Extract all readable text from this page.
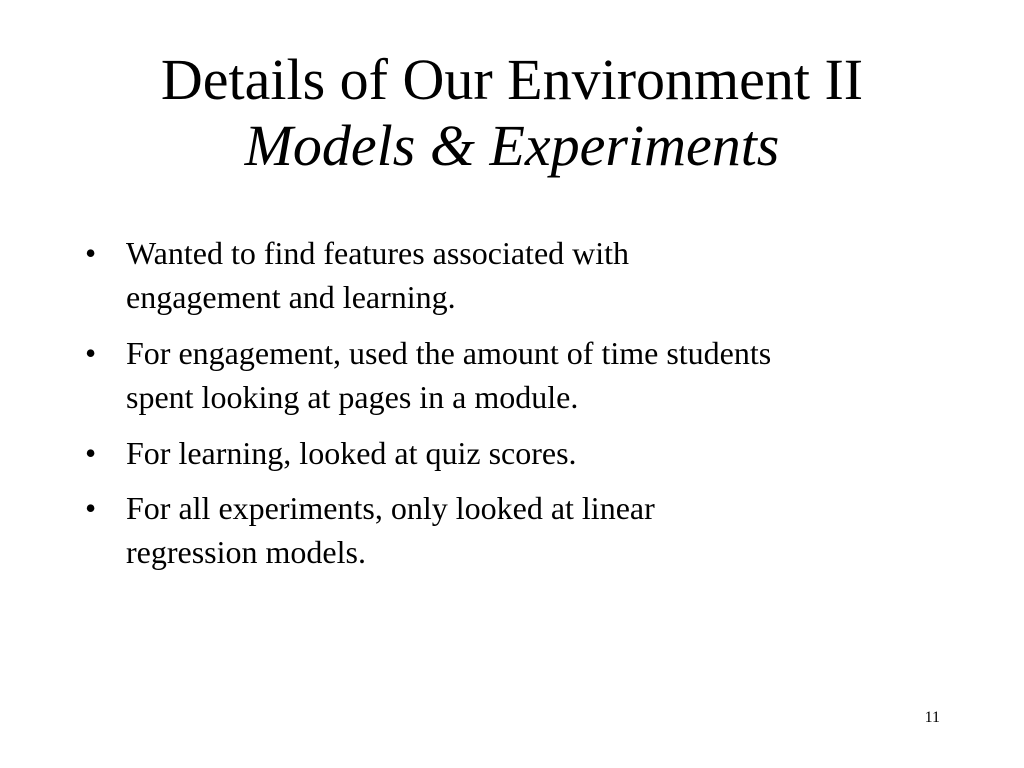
Details of Our Environment II
Models & Experiments
• Wanted to find features associated with
engagement and learning.
• For engagement, used the amount of time students
spent looking at pages in a module.
• For learning, looked at quiz scores.
• For all experiments, only looked at linear
regression models.
11
